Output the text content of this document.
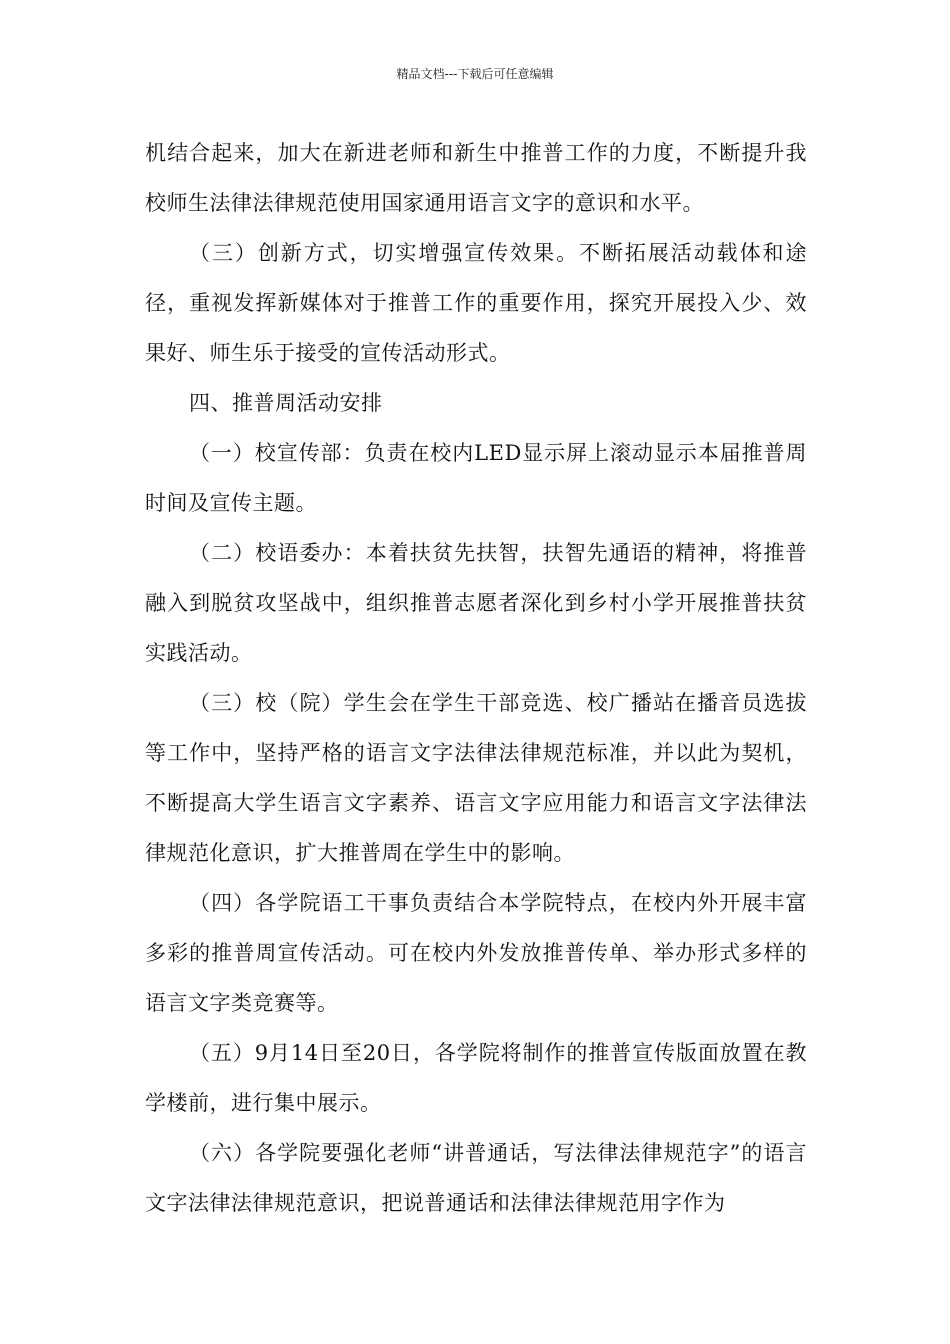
精品文档---下载后可任意编辑

机结合起来，加大在新进老师和新生中推普工作的力度，不断提升我校师生法律法律规范使用国家通用语言文字的意识和水平。

（三）创新方式，切实增强宣传效果。不断拓展活动载体和途径，重视发挥新媒体对于推普工作的重要作用，探究开展投入少、效果好、师生乐于接受的宣传活动形式。

四、推普周活动安排

（一）校宣传部：负责在校内LED显示屏上滚动显示本届推普周时间及宣传主题。

（二）校语委办：本着扶贫先扶智，扶智先通语的精神，将推普融入到脱贫攻坚战中，组织推普志愿者深化到乡村小学开展推普扶贫实践活动。

（三）校（院）学生会在学生干部竞选、校广播站在播音员选拔等工作中，坚持严格的语言文字法律法律规范标准，并以此为契机，不断提高大学生语言文字素养、语言文字应用能力和语言文字法律法律规范化意识，扩大推普周在学生中的影响。

（四）各学院语工干事负责结合本学院特点，在校内外开展丰富多彩的推普周宣传活动。可在校内外发放推普传单、举办形式多样的语言文字类竞赛等。

（五）9月14日至20日，各学院将制作的推普宣传版面放置在教学楼前，进行集中展示。

（六）各学院要强化老师“讲普通话，写法律法律规范字”的语言文字法律法律规范意识，把说普通话和法律法律规范用字作为
